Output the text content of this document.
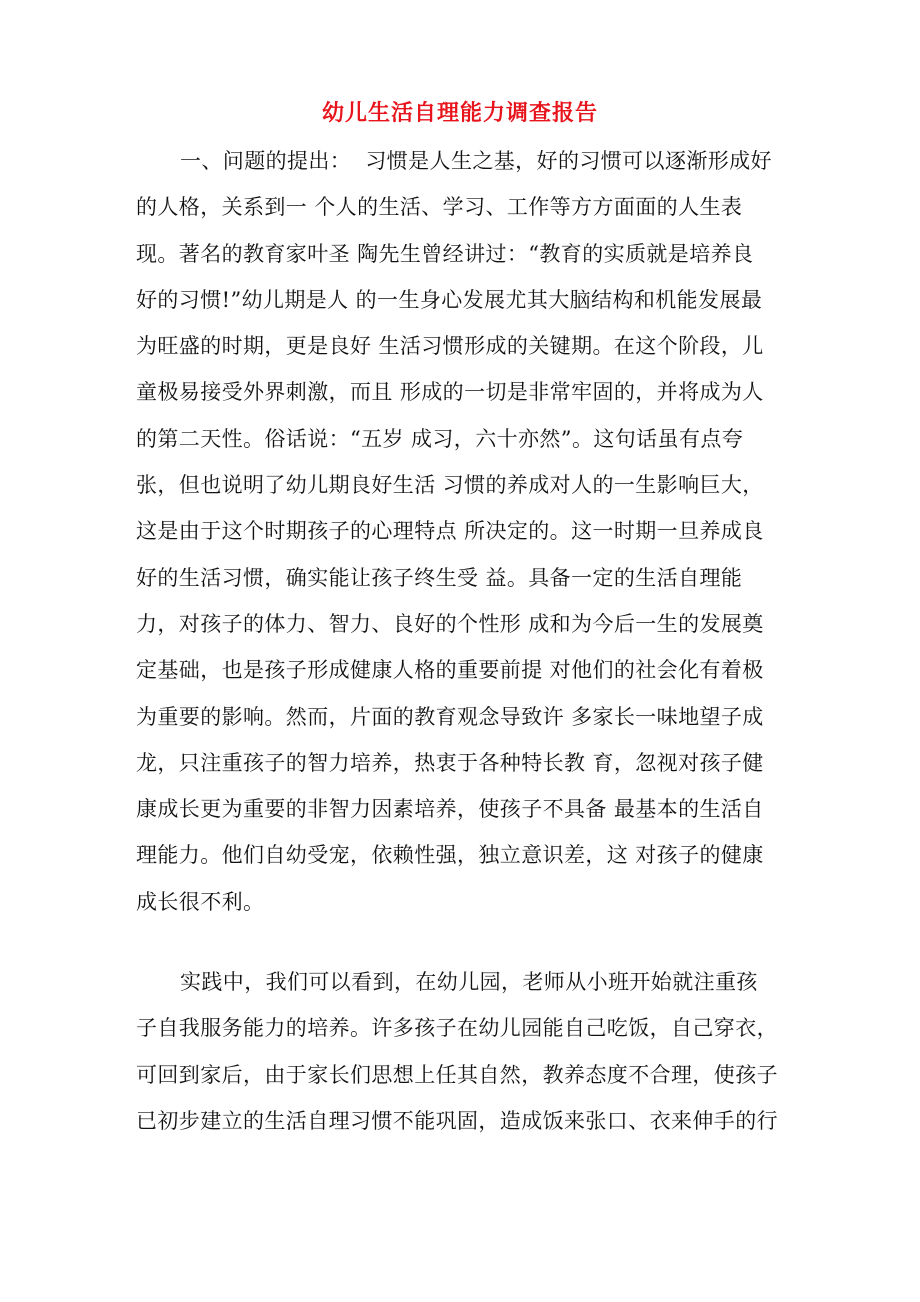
幼儿生活自理能力调查报告
一、问题的提出：  习惯是人生之基，好的习惯可以逐渐形成好
的人格，关系到一 个人的生活、学习、工作等方方面面的人生表
现。著名的教育家叶圣 陶先生曾经讲过：“教育的实质就是培养良
好的习惯!”幼儿期是人 的一生身心发展尤其大脑结构和机能发展最
为旺盛的时期，更是良好 生活习惯形成的关键期。在这个阶段，儿
童极易接受外界刺激，而且 形成的一切是非常牢固的，并将成为人
的第二天性。俗话说：“五岁 成习，六十亦然”。这句话虽有点夸
张，但也说明了幼儿期良好生活 习惯的养成对人的一生影响巨大，
这是由于这个时期孩子的心理特点 所决定的。这一时期一旦养成良
好的生活习惯，确实能让孩子终生受 益。具备一定的生活自理能
力，对孩子的体力、智力、良好的个性形 成和为今后一生的发展奠
定基础，也是孩子形成健康人格的重要前提 对他们的社会化有着极
为重要的影响。然而，片面的教育观念导致许 多家长一味地望子成
龙，只注重孩子的智力培养，热衷于各种特长教 育，忽视对孩子健
康成长更为重要的非智力因素培养，使孩子不具备 最基本的生活自
理能力。他们自幼受宠，依赖性强，独立意识差，这 对孩子的健康
成长很不利。
实践中，我们可以看到，在幼儿园，老师从小班开始就注重孩
子自我服务能力的培养。许多孩子在幼儿园能自己吃饭，自己穿衣，
可回到家后，由于家长们思想上任其自然，教养态度不合理，使孩子
已初步建立的生活自理习惯不能巩固，造成饭来张口、衣来伸手的行
